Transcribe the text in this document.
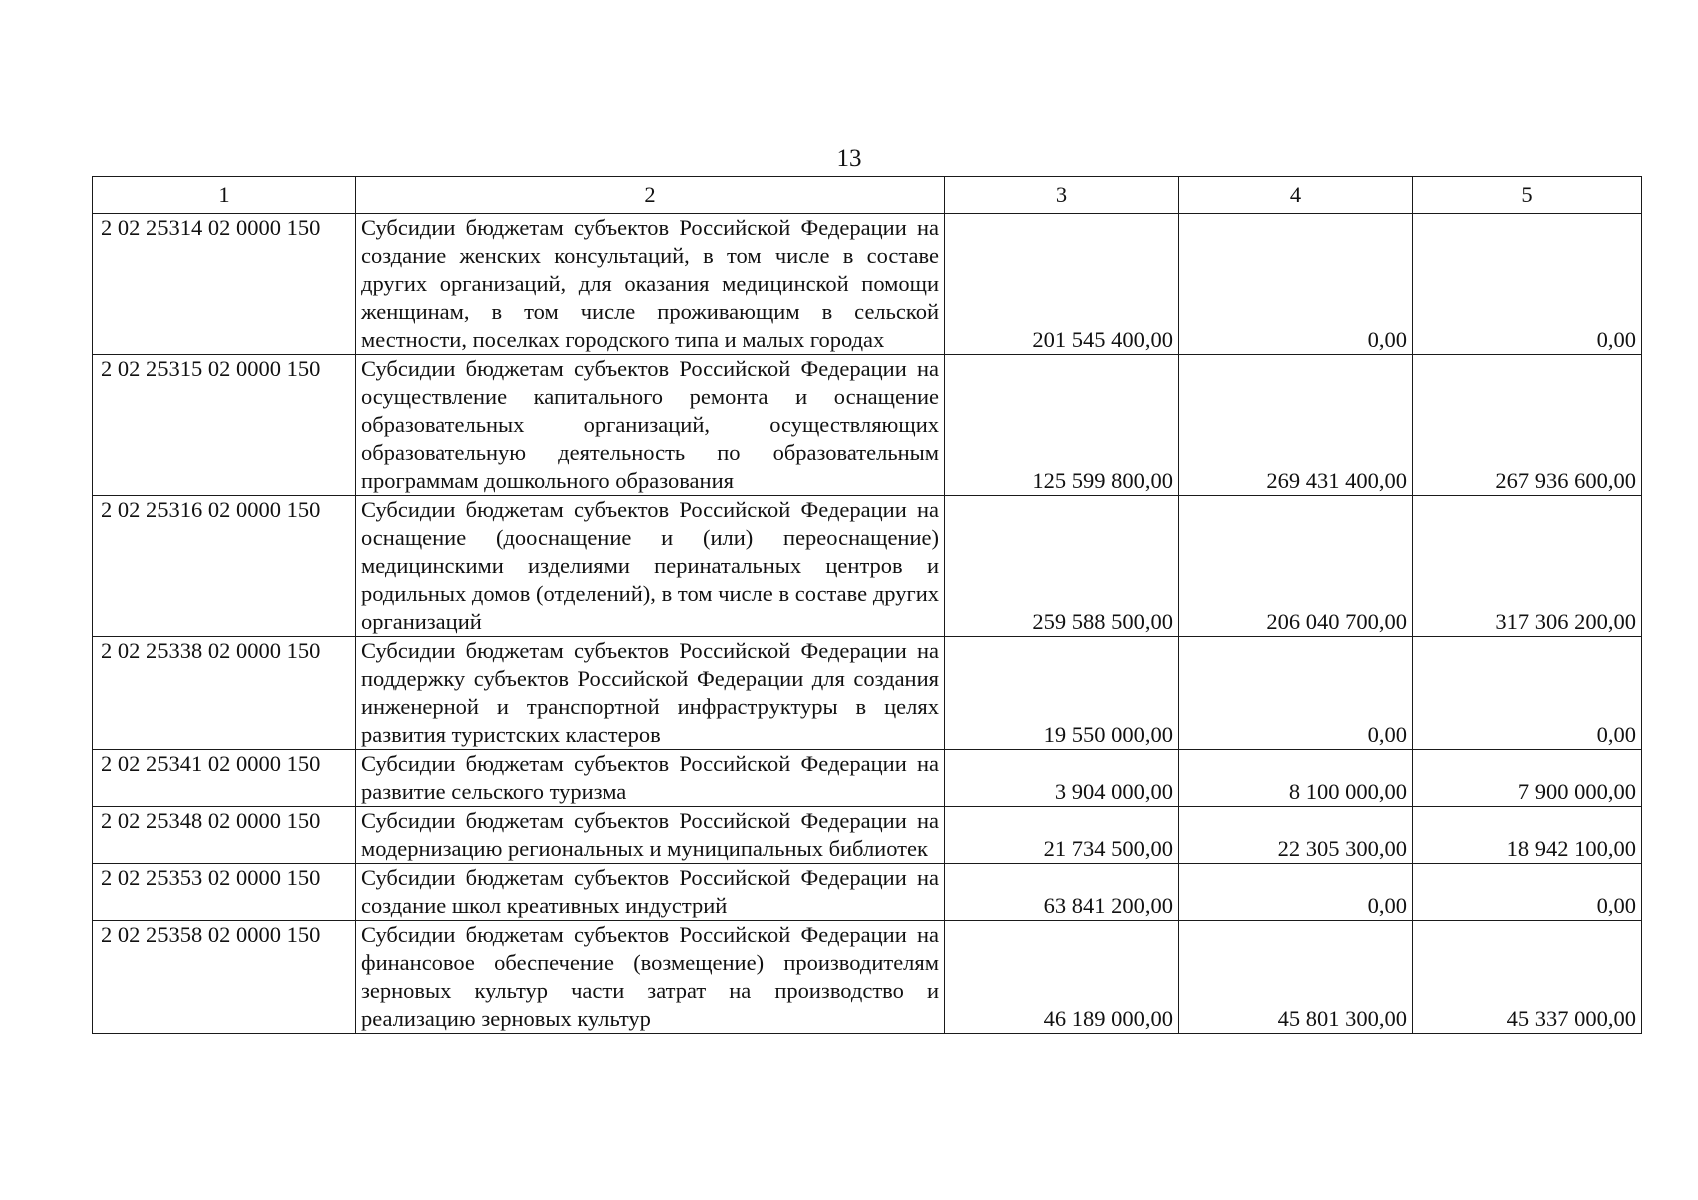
13
1	2	3	4	5
2 02 25314 02 0000 150	Субсидии бюджетам субъектов Российской Федерации на создание женских консультаций, в том числе в составе других организаций, для оказания медицинской помощи женщинам, в том числе проживающим в сельской местности, поселках городского типа и малых городах	201 545 400,00	0,00	0,00
2 02 25315 02 0000 150	Субсидии бюджетам субъектов Российской Федерации на осуществление капитального ремонта и оснащение образовательных организаций, осуществляющих образовательную деятельность по образовательным программам дошкольного образования	125 599 800,00	269 431 400,00	267 936 600,00
2 02 25316 02 0000 150	Субсидии бюджетам субъектов Российской Федерации на оснащение (дооснащение и (или) переоснащение) медицинскими изделиями перинатальных центров и родильных домов (отделений), в том числе в составе других организаций	259 588 500,00	206 040 700,00	317 306 200,00
2 02 25338 02 0000 150	Субсидии бюджетам субъектов Российской Федерации на поддержку субъектов Российской Федерации для создания инженерной и транспортной инфраструктуры в целях развития туристских кластеров	19 550 000,00	0,00	0,00
2 02 25341 02 0000 150	Субсидии бюджетам субъектов Российской Федерации на развитие сельского туризма	3 904 000,00	8 100 000,00	7 900 000,00
2 02 25348 02 0000 150	Субсидии бюджетам субъектов Российской Федерации на модернизацию региональных и муниципальных библиотек	21 734 500,00	22 305 300,00	18 942 100,00
2 02 25353 02 0000 150	Субсидии бюджетам субъектов Российской Федерации на создание школ креативных индустрий	63 841 200,00	0,00	0,00
2 02 25358 02 0000 150	Субсидии бюджетам субъектов Российской Федерации на финансовое обеспечение (возмещение) производителям зерновых культур части затрат на производство и реализацию зерновых культур	46 189 000,00	45 801 300,00	45 337 000,00
